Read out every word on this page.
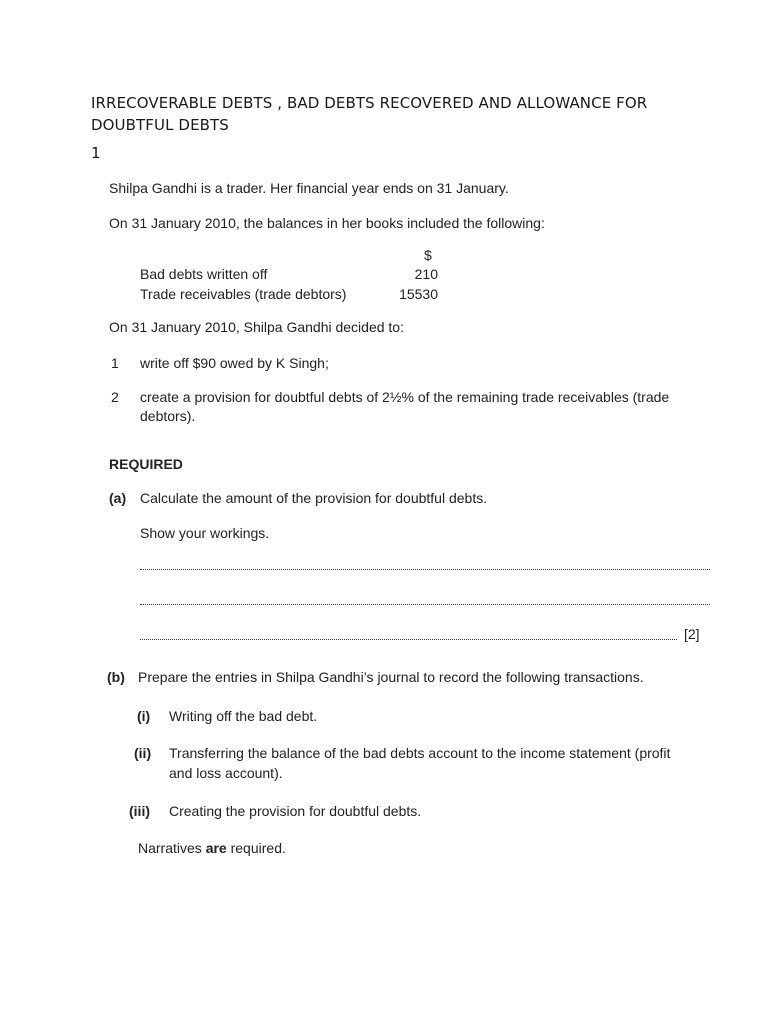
IRRECOVERABLE DEBTS , BAD DEBTS RECOVERED AND ALLOWANCE FOR
DOUBTFUL DEBTS
1
Shilpa Gandhi is a trader. Her financial year ends on 31 January.
On 31 January 2010, the balances in her books included the following:
$
Bad debts written off	210
Trade receivables (trade debtors)	15530
On 31 January 2010, Shilpa Gandhi decided to:
1 write off $90 owed by K Singh;
2 create a provision for doubtful debts of 2½% of the remaining trade receivables (trade
debtors).
REQUIRED
(a) Calculate the amount of the provision for doubtful debts.
Show your workings.
[2]
(b) Prepare the entries in Shilpa Gandhi’s journal to record the following transactions.
(i) Writing off the bad debt.
(ii) Transferring the balance of the bad debts account to the income statement (profit
and loss account).
(iii) Creating the provision for doubtful debts.
Narratives are required.
